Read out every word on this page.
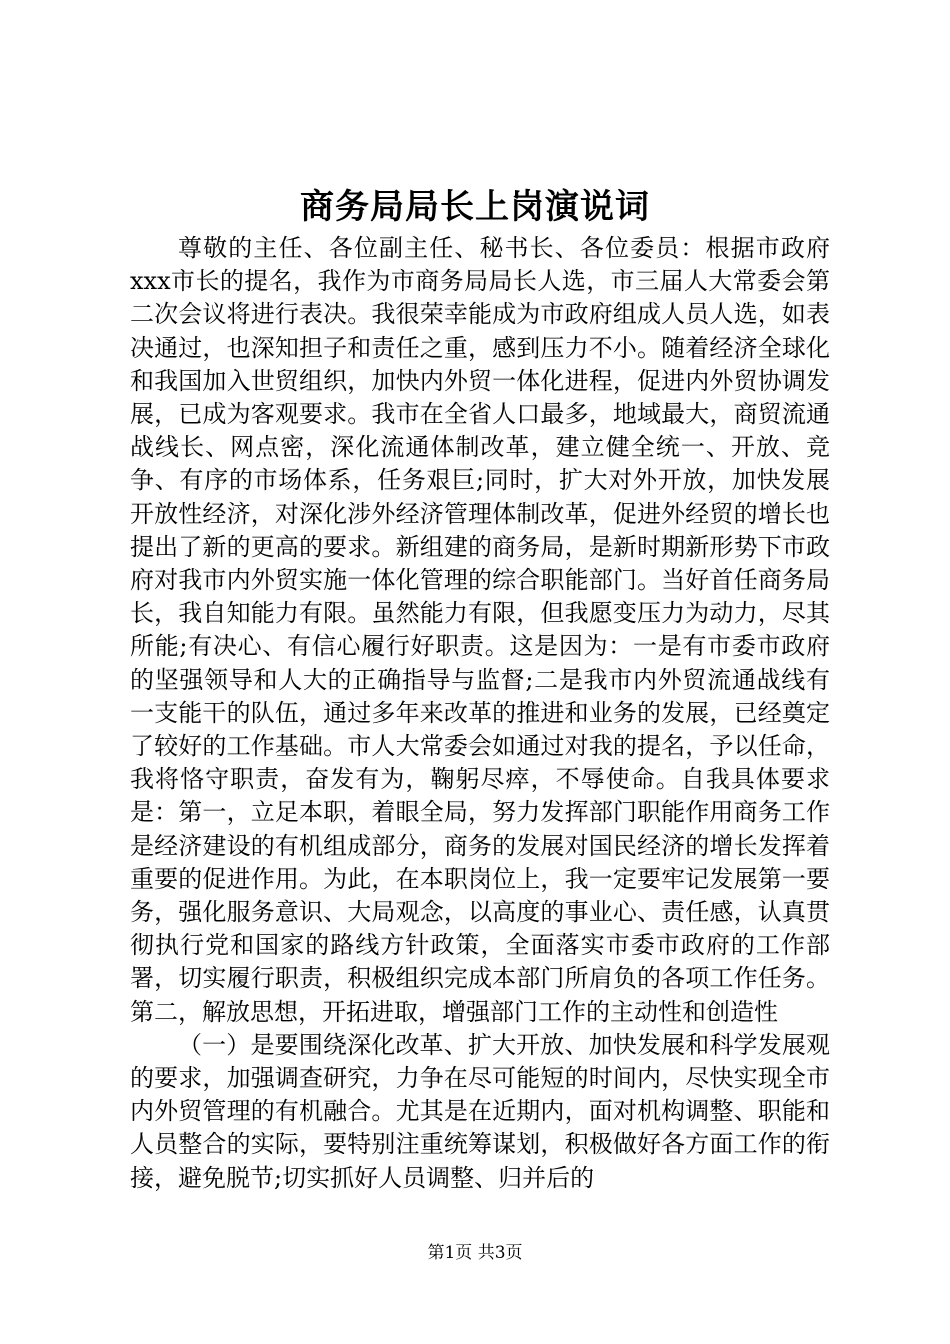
商务局局长上岗演说词

尊敬的主任、各位副主任、秘书长、各位委员：根据市政府xxx市长的提名，我作为市商务局局长人选，市三届人大常委会第二次会议将进行表决。我很荣幸能成为市政府组成人员人选，如表决通过，也深知担子和责任之重，感到压力不小。随着经济全球化和我国加入世贸组织，加快内外贸一体化进程，促进内外贸协调发展，已成为客观要求。我市在全省人口最多，地域最大，商贸流通战线长、网点密，深化流通体制改革，建立健全统一、开放、竞争、有序的市场体系，任务艰巨;同时，扩大对外开放，加快发展开放性经济，对深化涉外经济管理体制改革，促进外经贸的增长也提出了新的更高的要求。新组建的商务局，是新时期新形势下市政府对我市内外贸实施一体化管理的综合职能部门。当好首任商务局长，我自知能力有限。虽然能力有限，但我愿变压力为动力，尽其所能;有决心、有信心履行好职责。这是因为：一是有市委市政府的坚强领导和人大的正确指导与监督;二是我市内外贸流通战线有一支能干的队伍，通过多年来改革的推进和业务的发展，已经奠定了较好的工作基础。市人大常委会如通过对我的提名，予以任命，我将恪守职责，奋发有为，鞠躬尽瘁，不辱使命。自我具体要求是：第一，立足本职，着眼全局，努力发挥部门职能作用商务工作是经济建设的有机组成部分，商务的发展对国民经济的增长发挥着重要的促进作用。为此，在本职岗位上，我一定要牢记发展第一要务，强化服务意识、大局观念，以高度的事业心、责任感，认真贯彻执行党和国家的路线方针政策，全面落实市委市政府的工作部署，切实履行职责，积极组织完成本部门所肩负的各项工作任务。第二，解放思想，开拓进取，增强部门工作的主动性和创造性

（一）是要围绕深化改革、扩大开放、加快发展和科学发展观的要求，加强调查研究，力争在尽可能短的时间内，尽快实现全市内外贸管理的有机融合。尤其是在近期内，面对机构调整、职能和人员整合的实际，要特别注重统筹谋划，积极做好各方面工作的衔接，避免脱节;切实抓好人员调整、归并后的

第1页 共3页
